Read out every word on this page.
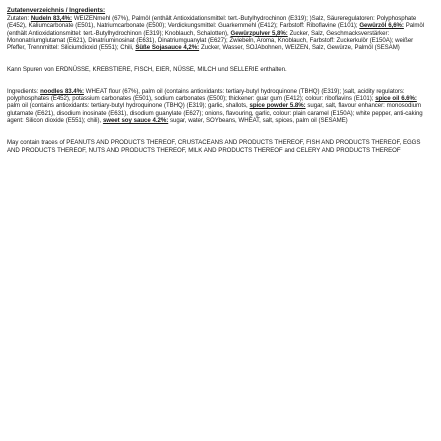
Zutatenverzeichnis / Ingredients:

Zutaten: Nudeln 83,4%: WEIZENmehl (67%), Palmöl (enthält Antioxidationsmittel: tert.-Butylhydrochinon (E319); )Salz, Säureregulatoren: Polyphosphate (E452), Kaliumcarbonate (E501), Natriumcarbonate (E500); Verdickungsmittel: Guarkernmehl (E412); Farbstoff: Riboflavine (E101); Gewürzöl 6,6%: Palmöl (enthält Antioxidationsmittel: tert.-Butylhydrochinon (E319); Knoblauch, Schalotten), Gewürzpulver 5,8%: Zucker, Salz, Geschmacksverstärker: Mononatriumglutamat (E621), Dinatriuminosinat (E631), Dinatriumguanylat (E627); Zwiebeln, Aroma, Knoblauch, Farbstoff: Zuckerkulör (E150A); weißer Pfeffer, Trennmittel: Siliciumdioxid (E551); Chili, Süße Sojasauce 4,2%: Zucker, Wasser, SOJAbohnen, WEIZEN, Salz, Gewürze, Palmöl (SESAM)

Kann Spuren von ERDNÜSSE, KREBSTIERE, FISCH, EIER, NÜSSE, MILCH und SELLERIE enthalten.

Ingredients: noodles 83.4%: WHEAT flour (67%), palm oil (contains antioxidants: tertiary-butyl hydroquinone (TBHQ) (E319); )salt, acidity regulators: polyphosphates (E452), potassium carbonates (E501), sodium carbonates (E500); thickener: guar gum (E412); colour: riboflavins (E101); spice oil 6.6%: palm oil (contains antioxidants: tertiary-butyl hydroquinone (TBHQ) (E319); garlic, shallots, spice powder 5.8%: sugar, salt, flavour enhancer: monosodium glutamate (E621), disodium inosinate (E631), disodium guanylate (E627); onions, flavouring, garlic, colour: plain caramel (E150A); white pepper, anti-caking agent: Silicon dioxide (E551); chili), sweet soy sauce 4.2%: sugar, water, SOYbeans, WHEAT, salt, spices, palm oil (SESAME)

May contain traces of PEANUTS AND PRODUCTS THEREOF, CRUSTACEANS AND PRODUCTS THEREOF, FISH AND PRODUCTS THEREOF, EGGS AND PRODUCTS THEREOF, NUTS AND PRODUCTS THEREOF, MILK AND PRODUCTS THEREOF and CELERY AND PRODUCTS THEREOF
